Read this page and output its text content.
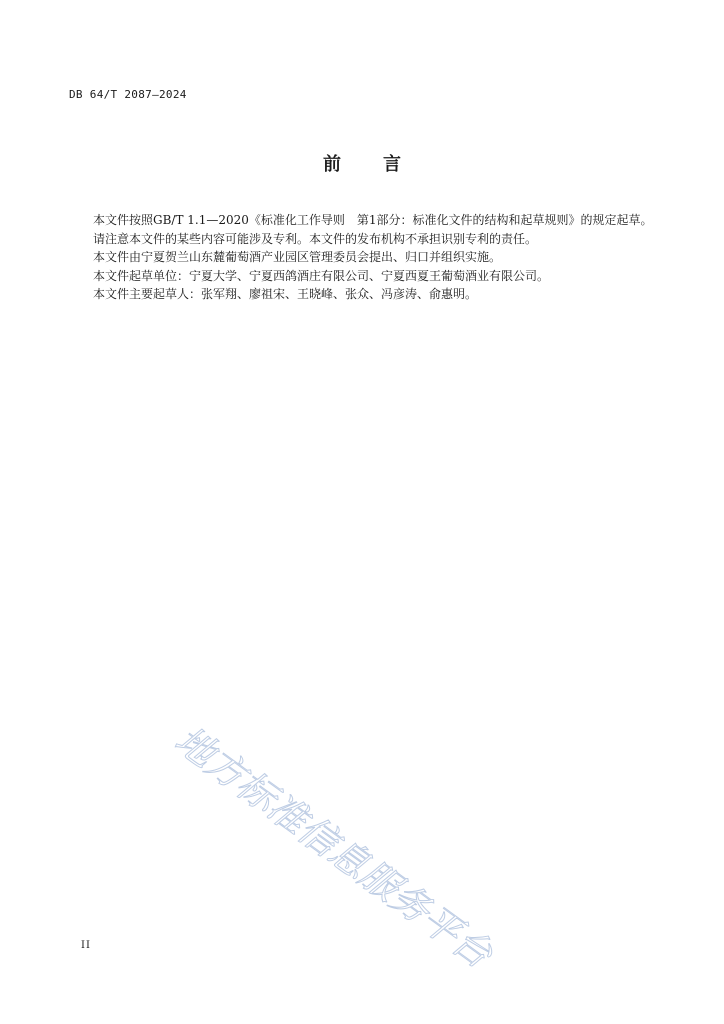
DB 64/T 2087—2024
前 言

本文件按照GB/T 1.1—2020《标准化工作导则　第1部分：标准化文件的结构和起草规则》的规定起草。

请注意本文件的某些内容可能涉及专利。本文件的发布机构不承担识别专利的责任。

本文件由宁夏贺兰山东麓葡萄酒产业园区管理委员会提出、归口并组织实施。

本文件起草单位：宁夏大学、宁夏西鸽酒庄有限公司、宁夏西夏王葡萄酒业有限公司。

本文件主要起草人：张军翔、廖祖宋、王晓峰、张众、冯彦涛、俞惠明。

地方标准信息服务平台
II
